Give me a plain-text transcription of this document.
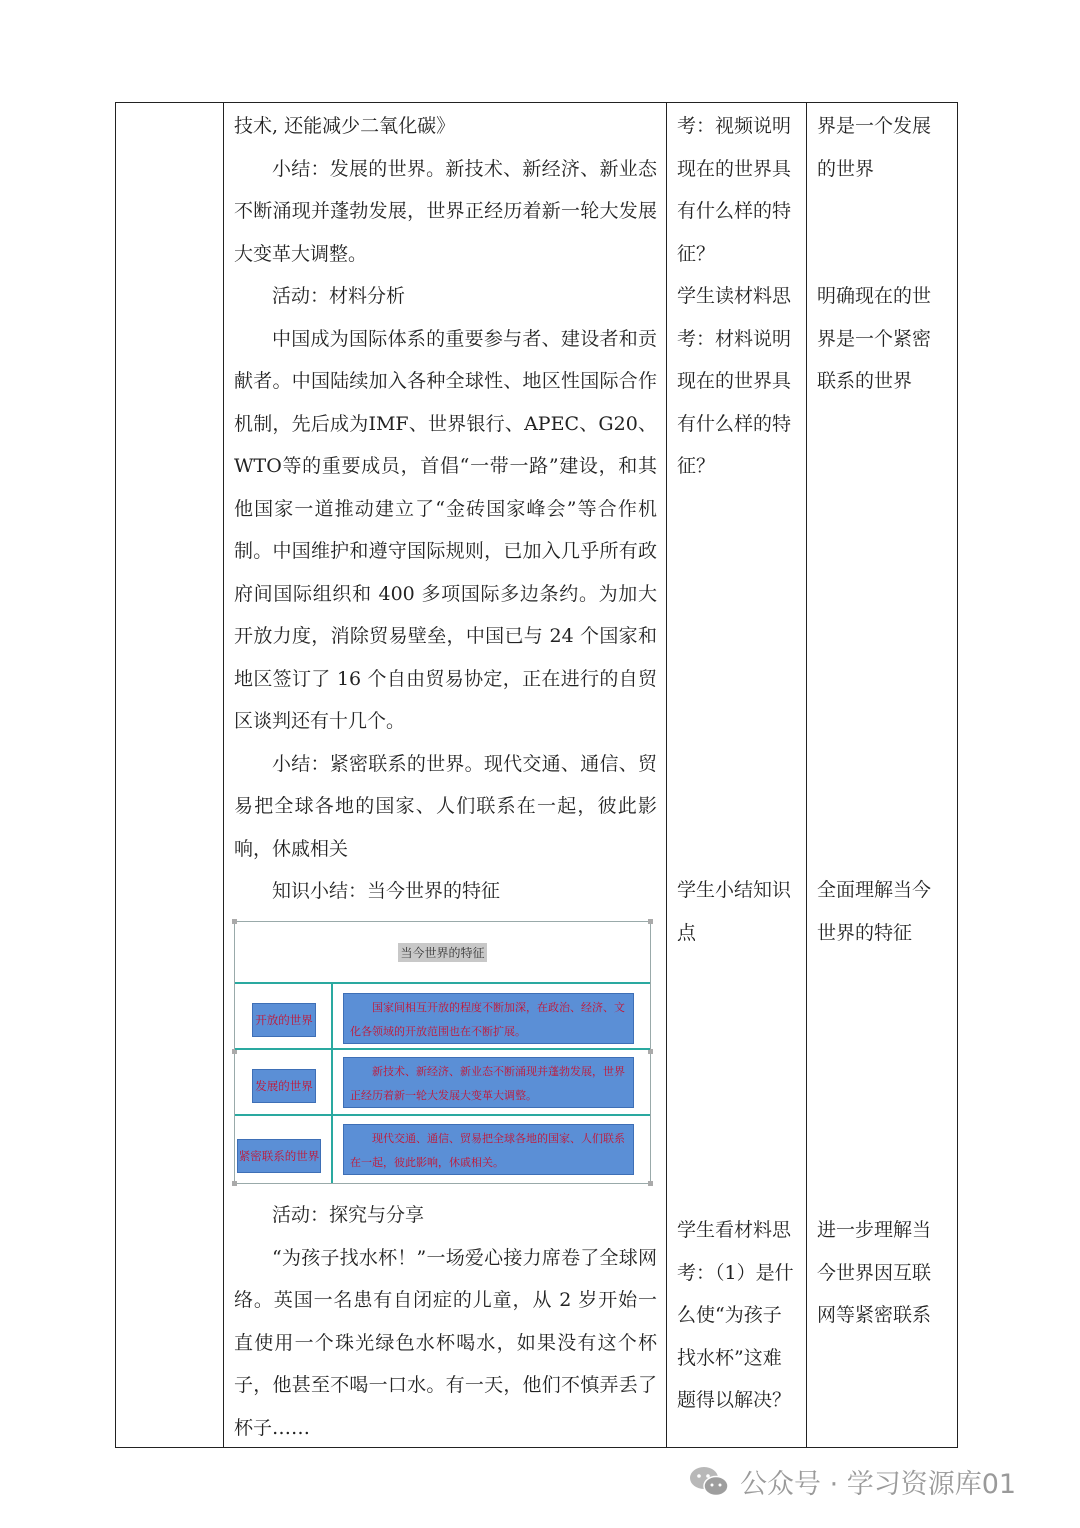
技术, 还能减少二氧化碳》

小结：发展的世界。新技术、新经济、新业态不断涌现并蓬勃发展，世界正经历着新一轮大发展大变革大调整。

活动：材料分析

中国成为国际体系的重要参与者、建设者和贡献者。中国陆续加入各种全球性、地区性国际合作机制，先后成为IMF、世界银行、APEC、G20、WTO等的重要成员，首倡“一带一路”建设，和其他国家一道推动建立了“金砖国家峰会”等合作机制。中国维护和遵守国际规则，已加入几乎所有政府间国际组织和 400 多项国际多边条约。为加大开放力度，消除贸易壁垒，中国已与 24 个国家和地区签订了 16 个自由贸易协定，正在进行的自贸区谈判还有十几个。

小结：紧密联系的世界。现代交通、通信、贸易把全球各地的国家、人们联系在一起，彼此影响，休戚相关

知识小结：当今世界的特征

当今世界的特征
开放的世界
国家间相互开放的程度不断加深，在政治、经济、文化各领域的开放范围也在不断扩展。
发展的世界
新技术、新经济、新业态不断涌现并蓬勃发展，世界正经历着新一轮大发展大变革大调整。
紧密联系的世界
现代交通、通信、贸易把全球各地的国家、人们联系在一起，彼此影响，休戚相关。

活动：探究与分享

“为孩子找水杯！”一场爱心接力席卷了全球网络。英国一名患有自闭症的儿童，从 2 岁开始一直使用一个珠光绿色水杯喝水，如果没有这个杯子，他甚至不喝一口水。有一天，他们不慎弄丢了杯子……

考：视频说明现在的世界具有什么样的特征？
学生读材料思考：材料说明现在的世界具有什么样的特征？
学生小结知识点
学生看材料思考：（1）是什么使“为孩子找水杯”这难题得以解决？
界是一个发展的世界
明确现在的世界是一个紧密联系的世界
全面理解当今世界的特征
进一步理解当今世界因互联网等紧密联系
公众号 · 学习资源库01
